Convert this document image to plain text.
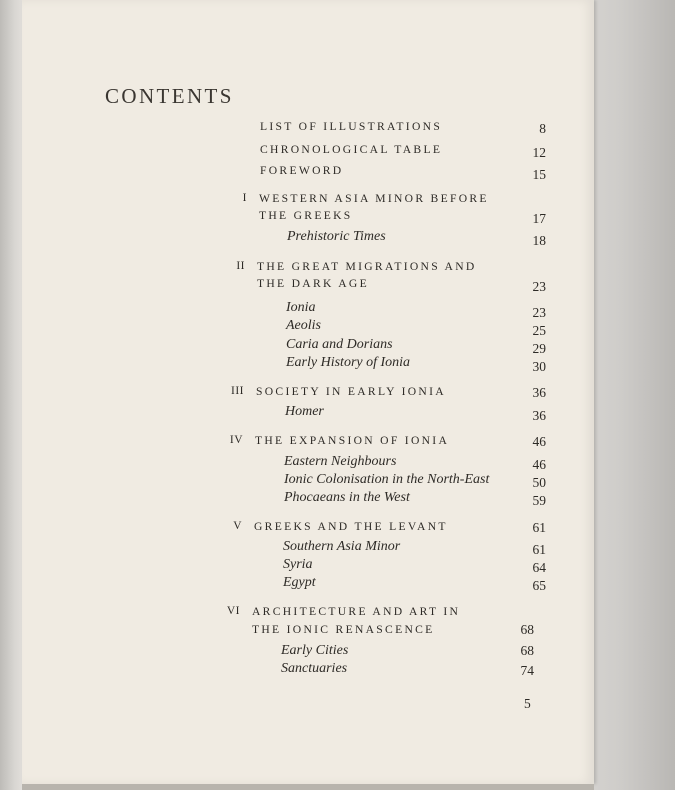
CONTENTS
LIST OF ILLUSTRATIONS	8
CHRONOLOGICAL TABLE	12
FOREWORD	15
I WESTERN ASIA MINOR BEFORE
THE GREEKS	17
Prehistoric Times	18
II THE GREAT MIGRATIONS AND
THE DARK AGE	23
Ionia	23
Aeolis	25
Caria and Dorians	29
Early History of Ionia	30
III SOCIETY IN EARLY IONIA	36
Homer	36
IV THE EXPANSION OF IONIA	46
Eastern Neighbours	46
Ionic Colonisation in the North-East	50
Phocaeans in the West	59
V GREEKS AND THE LEVANT	61
Southern Asia Minor	61
Syria	64
Egypt	65
VI ARCHITECTURE AND ART IN
THE IONIC RENASCENCE	68
Early Cities	68
Sanctuaries	74
5
